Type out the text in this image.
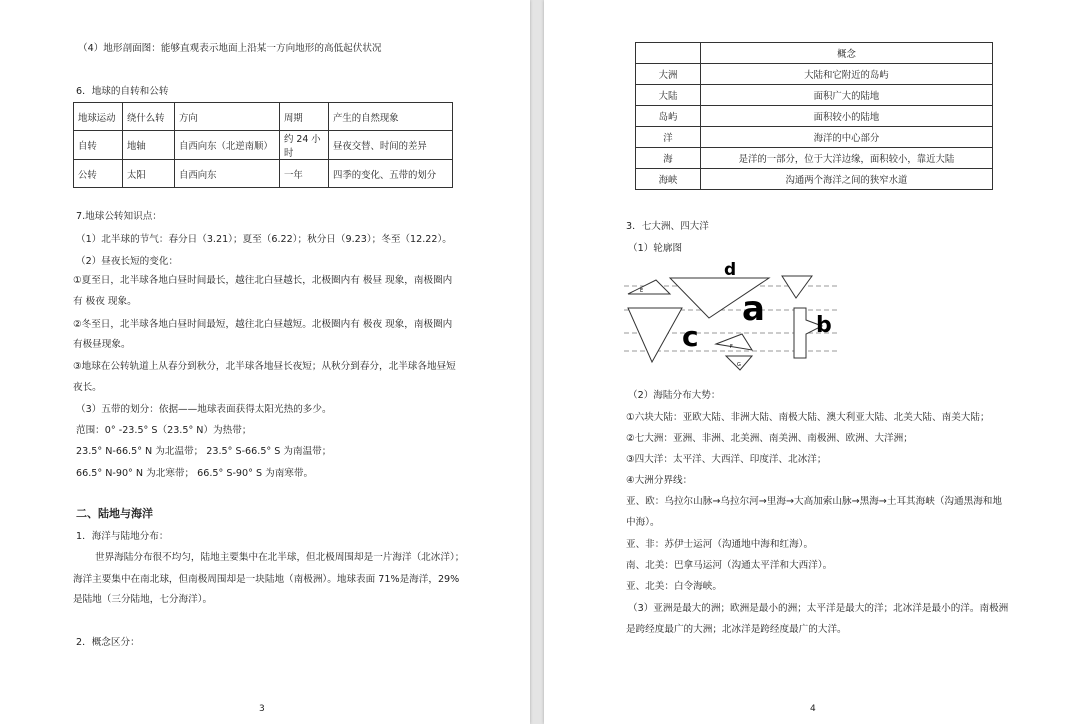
（4）地形剖面图：能够直观表示地面上沿某一方向地形的高低起伏状况
6．地球的自转和公转
地球运动	绕什么转	方向	周期	产生的自然现象
自转	地轴	自西向东（北逆南顺）	约 24 小时	昼夜交替、时间的差异
公转	太阳	自西向东	一年	四季的变化、五带的划分
7.地球公转知识点：
（1）北半球的节气：春分日（3.21）；夏至（6.22）；秋分日（9.23）；冬至（12.22）。
（2）昼夜长短的变化：
①夏至日，北半球各地白昼时间最长，越往北白昼越长，北极圈内有 极昼 现象，南极圈内
有 极夜 现象。
②冬至日，北半球各地白昼时间最短，越往北白昼越短。北极圈内有 极夜 现象，南极圈内
有极昼现象。
③地球在公转轨道上从春分到秋分，北半球各地昼长夜短；从秋分到春分，北半球各地昼短
夜长。
（3）五带的划分：依据——地球表面获得太阳光热的多少。
范围：0° -23.5° S（23.5° N）为热带；
23.5° N-66.5° N 为北温带； 23.5° S-66.5° S 为南温带；
66.5° N-90° N 为北寒带； 66.5° S-90° S 为南寒带。
二、陆地与海洋
1．海洋与陆地分布：
世界海陆分布很不均匀，陆地主要集中在北半球，但北极周围却是一片海洋（北冰洋）；
海洋主要集中在南北球，但南极周围却是一块陆地（南极洲）。地球表面 71%是海洋，29%
是陆地（三分陆地，七分海洋）。
2．概念区分：
3
	概念
大洲	大陆和它附近的岛屿
大陆	面积广大的陆地
岛屿	面积较小的陆地
洋	海洋的中心部分
海	是洋的一部分，位于大洋边缘，面积较小，靠近大陆
海峡	沟通两个海洋之间的狭窄水道
3．七大洲、四大洋
（1）轮廓图
d
a
c	b
E
F
G
（2）海陆分布大势：
①六块大陆：亚欧大陆、非洲大陆、南极大陆、澳大利亚大陆、北美大陆、南美大陆；
②七大洲：亚洲、非洲、北美洲、南美洲、南极洲、欧洲、大洋洲；
③四大洋：太平洋、大西洋、印度洋、北冰洋；
④大洲分界线：
亚、欧：乌拉尔山脉→乌拉尔河→里海→大高加索山脉→黑海→土耳其海峡（沟通黑海和地
中海）。
亚、非：苏伊士运河（沟通地中海和红海）。
南、北美：巴拿马运河（沟通太平洋和大西洋）。
亚、北美：白令海峡。
（3）亚洲是最大的洲；欧洲是最小的洲；太平洋是最大的洋；北冰洋是最小的洋。南极洲
是跨经度最广的大洲；北冰洋是跨经度最广的大洋。
4
